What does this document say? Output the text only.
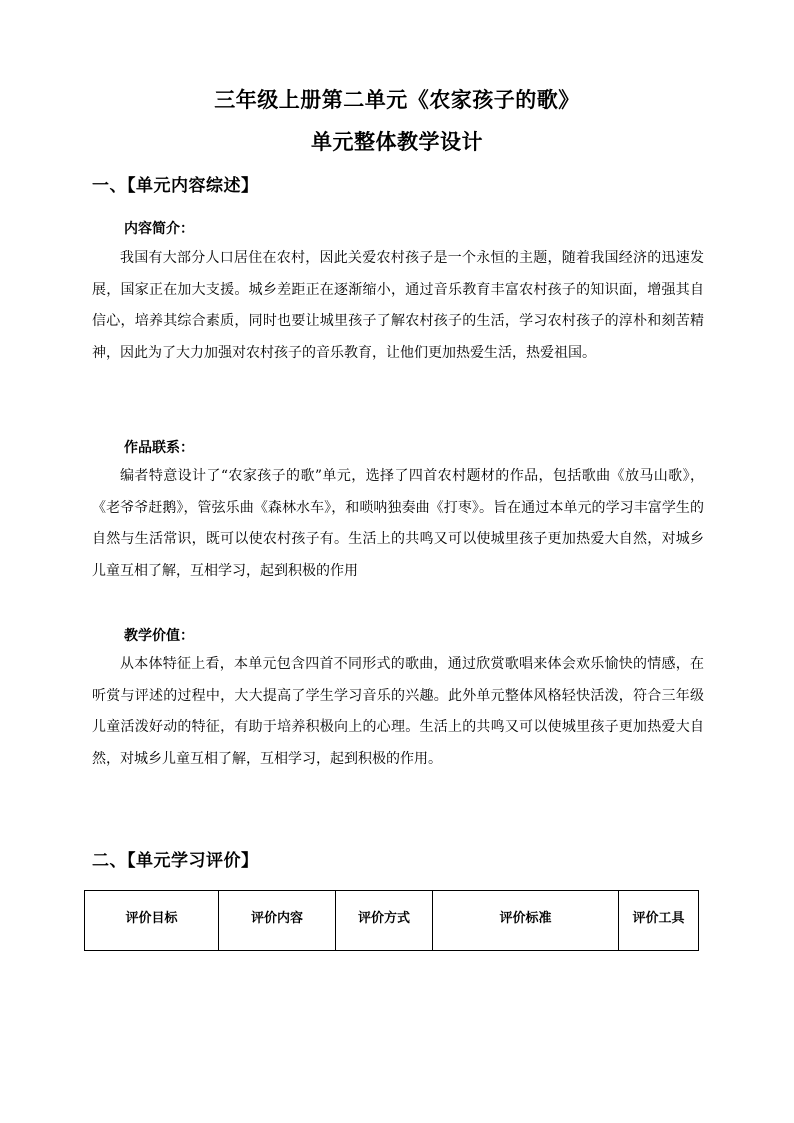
三年级上册第二单元《农家孩子的歌》
单元整体教学设计
一、【单元内容综述】
内容简介：

我国有大部分人口居住在农村，因此关爱农村孩子是一个永恒的主题，随着我国经济的迅速发展，国家正在加大支援。城乡差距正在逐渐缩小，通过音乐教育丰富农村孩子的知识面，增强其自信心，培养其综合素质，同时也要让城里孩子了解农村孩子的生活，学习农村孩子的淳朴和刻苦精神，因此为了大力加强对农村孩子的音乐教育，让他们更加热爱生活，热爱祖国。

作品联系：

编者特意设计了“农家孩子的歌”单元，选择了四首农村题材的作品，包括歌曲《放马山歌》，《老爷爷赶鹅》，管弦乐曲《森林水车》，和唢呐独奏曲《打枣》。旨在通过本单元的学习丰富学生的自然与生活常识，既可以使农村孩子有。生活上的共鸣又可以使城里孩子更加热爱大自然，对城乡儿童互相了解，互相学习，起到积极的作用

教学价值：

从本体特征上看，本单元包含四首不同形式的歌曲，通过欣赏歌唱来体会欢乐愉快的情感，在听赏与评述的过程中，大大提高了学生学习音乐的兴趣。此外单元整体风格轻快活泼，符合三年级儿童活泼好动的特征，有助于培养积极向上的心理。生活上的共鸣又可以使城里孩子更加热爱大自然，对城乡儿童互相了解，互相学习，起到积极的作用。

二、【单元学习评价】
评价目标	评价内容	评价方式	评价标准	评价工具
